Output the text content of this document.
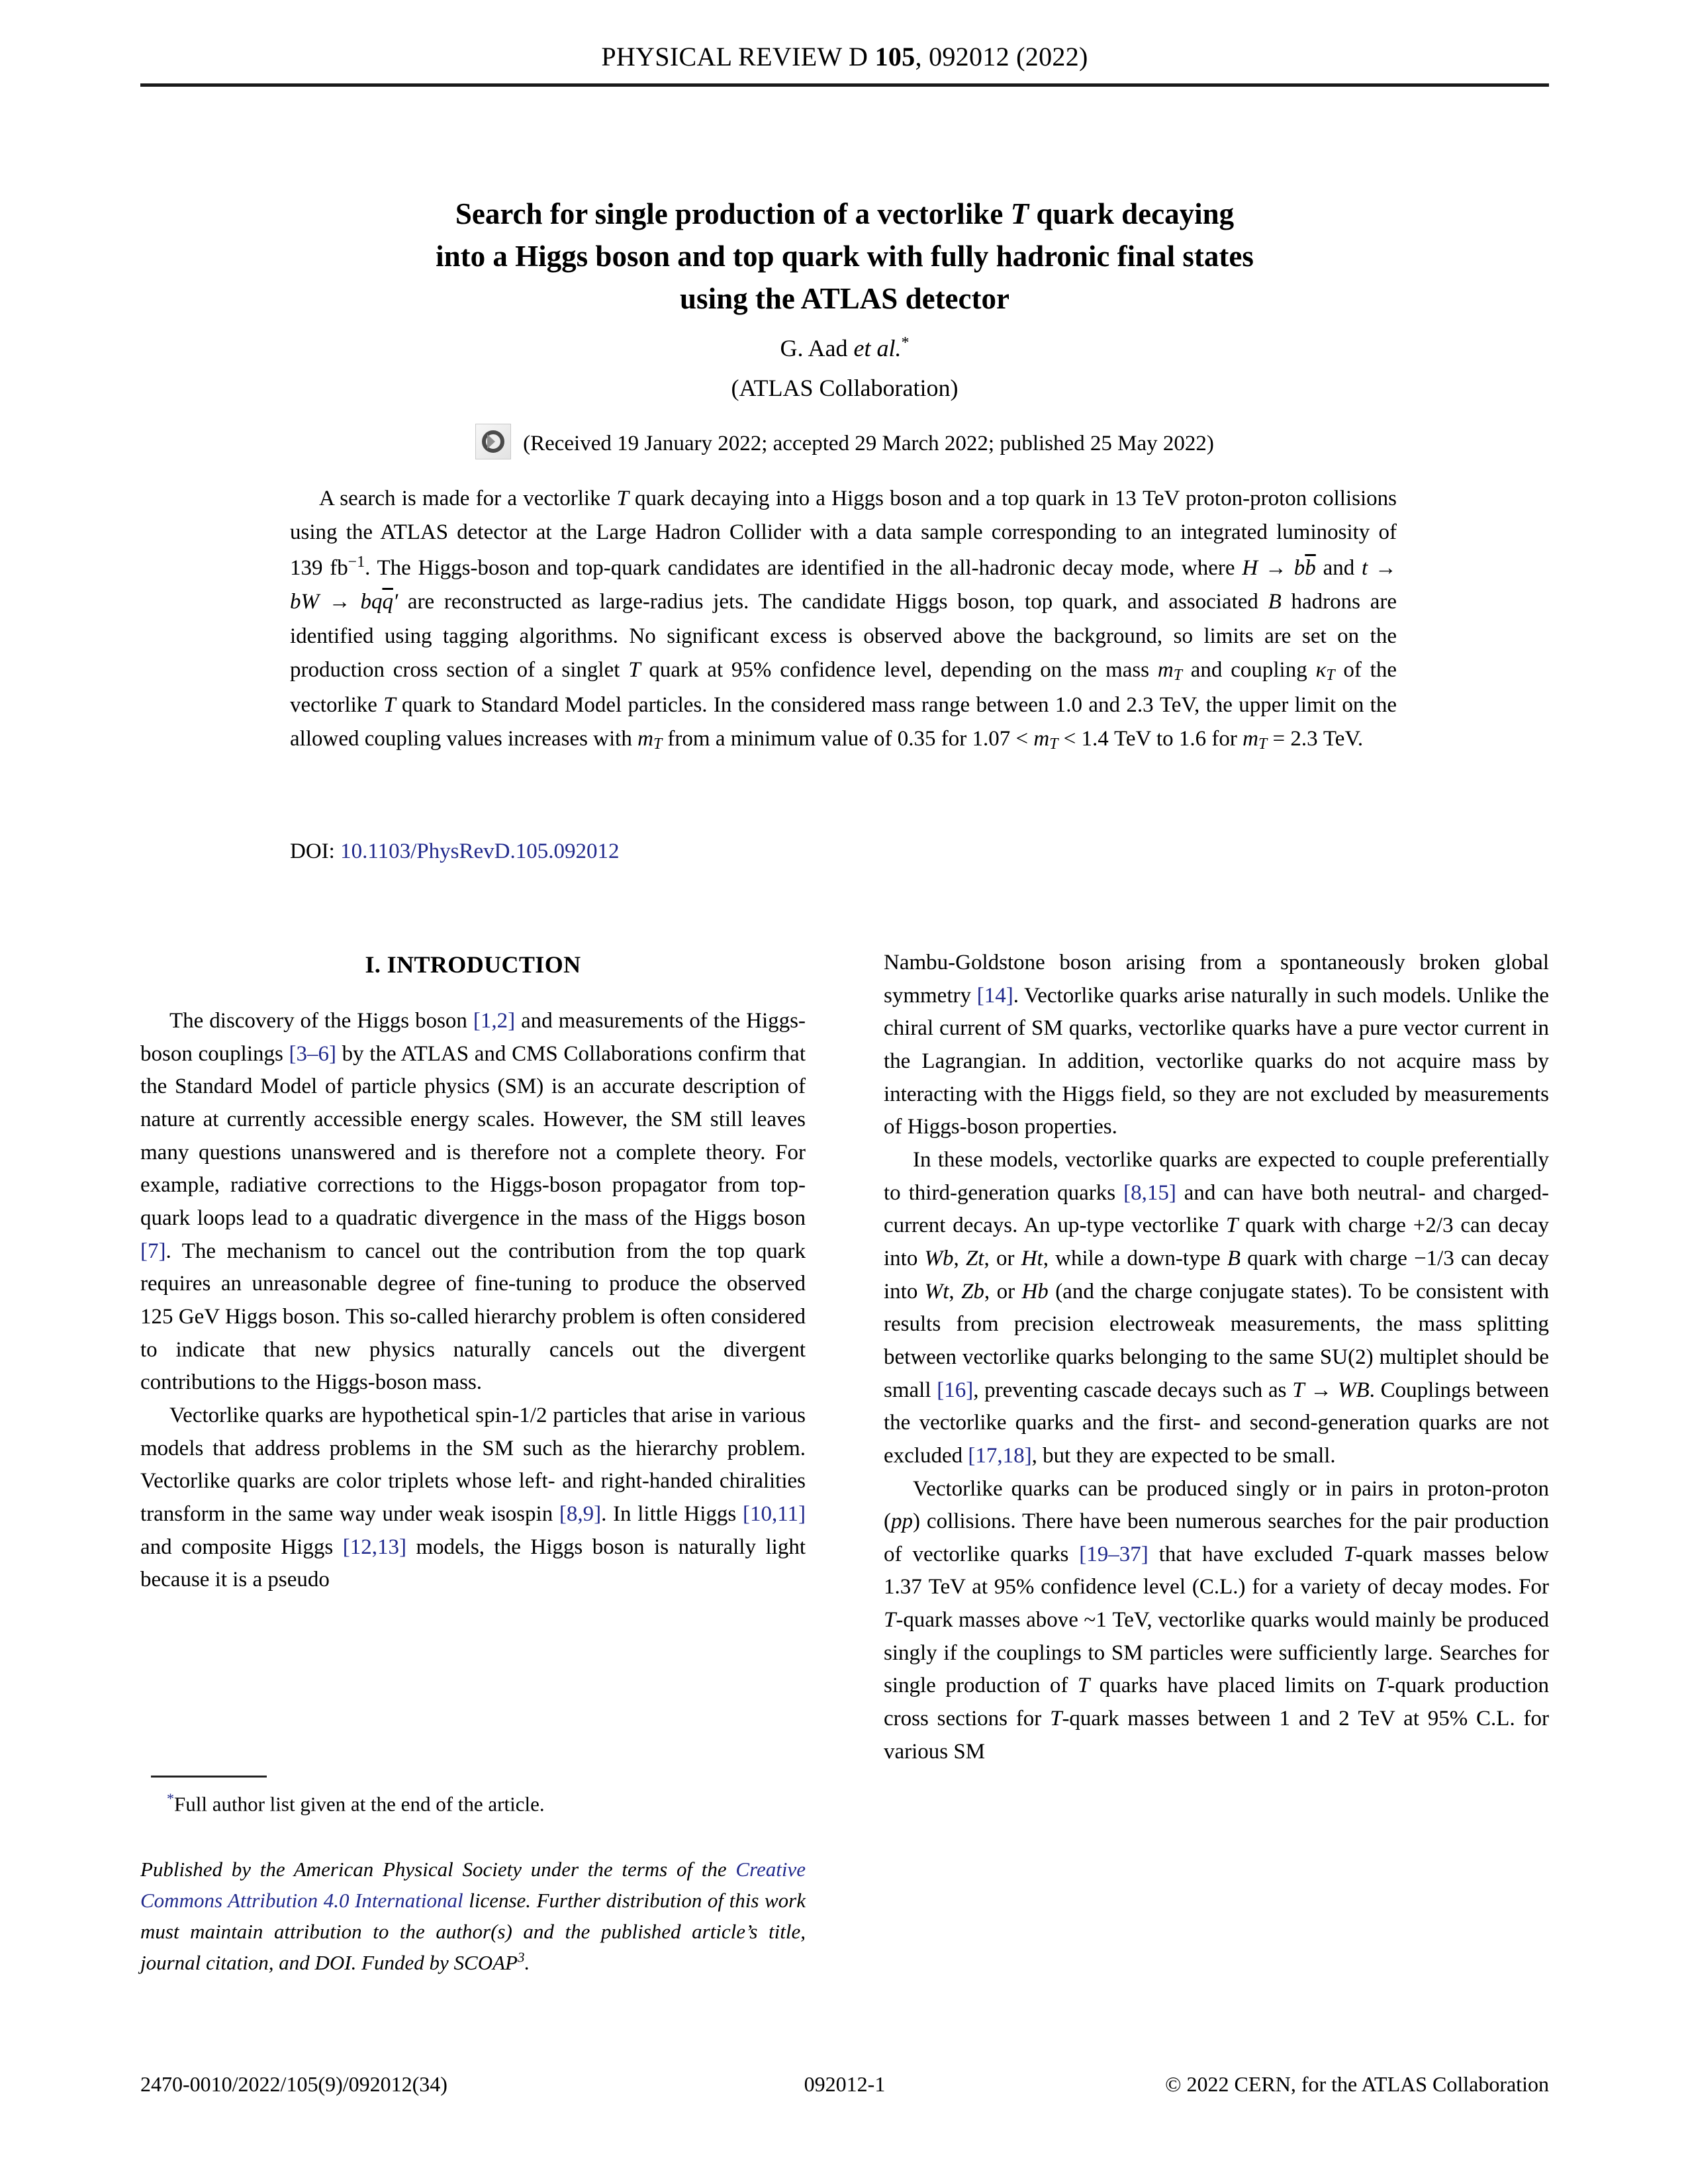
PHYSICAL REVIEW D 105, 092012 (2022)
Search for single production of a vectorlike T quark decaying
into a Higgs boson and top quark with fully hadronic final states
using the ATLAS detector
G. Aad et al.*
(ATLAS Collaboration)
(Received 19 January 2022; accepted 29 March 2022; published 25 May 2022)

A search is made for a vectorlike T quark decaying into a Higgs boson and a top quark in 13 TeV proton-proton collisions using the ATLAS detector at the Large Hadron Collider with a data sample corresponding to an integrated luminosity of 139 $fb^{-1}$. The Higgs-boson and top-quark candidates are identified in the all-hadronic decay mode, where $H \to b\overline{b}$ and t → bW → $bq\overline{q}'$ are reconstructed as large-radius jets. The candidate Higgs boson, top quark, and associated B hadrons are identified using tagging algorithms. No significant excess is observed above the background, so limits are set on the production cross section of a singlet T quark at 95% confidence level, depending on the mass $m_T$ and coupling $\kappa_T$ of the vectorlike T quark to Standard Model particles. In the considered mass range between 1.0 and 2.3 TeV, the upper limit on the allowed coupling values increases with $m_T$ from a minimum value of 0.35 for $1.07 < m_T < 1.4$ TeV to 1.6 for $m_T = 2.3$ TeV.

DOI: 10.1103/PhysRevD.105.092012
I. INTRODUCTION

The discovery of the Higgs boson [1,2] and measurements of the Higgs-boson couplings [3–6] by the ATLAS and CMS Collaborations confirm that the Standard Model of particle physics (SM) is an accurate description of nature at currently accessible energy scales. However, the SM still leaves many questions unanswered and is therefore not a complete theory. For example, radiative corrections to the Higgs-boson propagator from top-quark loops lead to a quadratic divergence in the mass of the Higgs boson [7]. The mechanism to cancel out the contribution from the top quark requires an unreasonable degree of fine-tuning to produce the observed 125 GeV Higgs boson. This so-called hierarchy problem is often considered to indicate that new physics naturally cancels out the divergent contributions to the Higgs-boson mass.

Vectorlike quarks are hypothetical spin-1/2 particles that arise in various models that address problems in the SM such as the hierarchy problem. Vectorlike quarks are color triplets whose left- and right-handed chiralities transform in the same way under weak isospin [8,9]. In little Higgs [10,11] and composite Higgs [12,13] models, the Higgs boson is naturally light because it is a pseudo

Nambu-Goldstone boson arising from a spontaneously broken global symmetry [14]. Vectorlike quarks arise naturally in such models. Unlike the chiral current of SM quarks, vectorlike quarks have a pure vector current in the Lagrangian. In addition, vectorlike quarks do not acquire mass by interacting with the Higgs field, so they are not excluded by measurements of Higgs-boson properties.

In these models, vectorlike quarks are expected to couple preferentially to third-generation quarks [8,15] and can have both neutral- and charged-current decays. An up-type vectorlike T quark with charge +2/3 can decay into Wb, Zt, or Ht, while a down-type B quark with charge −1/3 can decay into Wt, Zb, or Hb (and the charge conjugate states). To be consistent with results from precision electroweak measurements, the mass splitting between vectorlike quarks belonging to the same SU(2) multiplet should be small [16], preventing cascade decays such as T → WB. Couplings between the vectorlike quarks and the first- and second-generation quarks are not excluded [17,18], but they are expected to be small.

Vectorlike quarks can be produced singly or in pairs in proton-proton (pp) collisions. There have been numerous searches for the pair production of vectorlike quarks [19–37] that have excluded T-quark masses below 1.37 TeV at 95% confidence level (C.L.) for a variety of decay modes. For T-quark masses above ~1 TeV, vectorlike quarks would mainly be produced singly if the couplings to SM particles were sufficiently large. Searches for single production of T quarks have placed limits on T-quark production cross sections for T-quark masses between 1 and 2 TeV at 95% C.L. for various SM

*Full author list given at the end of the article.

Published by the American Physical Society under the terms of the Creative Commons Attribution 4.0 International license. Further distribution of this work must maintain attribution to the author(s) and the published article’s title, journal citation, and DOI. Funded by SCOAP$^3$.

2470-0010/2022/105(9)/092012(34)	092012-1	© 2022 CERN, for the ATLAS Collaboration
